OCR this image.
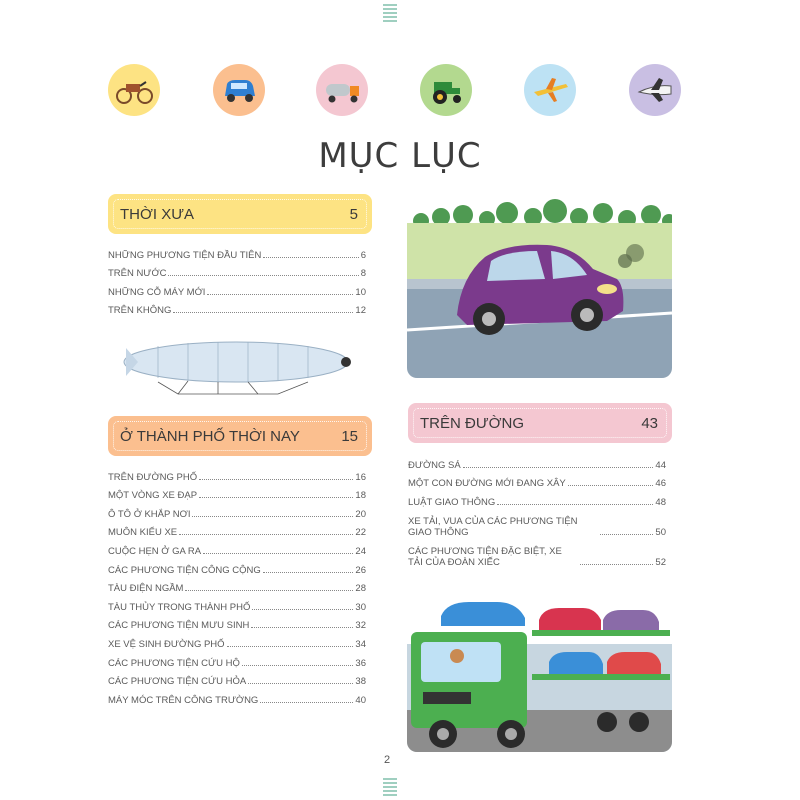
MỤC LỤC
THỜI XƯA	5
NHỮNG PHƯƠNG TIỆN ĐẦU TIÊN	6
TRÊN NƯỚC	8
NHỮNG CỖ MÁY MỚI	10
TRÊN KHÔNG	12
Ở THÀNH PHỐ THỜI NAY	15
TRÊN ĐƯỜNG PHỐ	16
MỘT VÒNG XE ĐẠP	18
Ô TÔ Ở KHẮP NƠI	20
MUÔN KIỂU XE	22
CUỘC HẸN Ở GA RA	24
CÁC PHƯƠNG TIỆN CÔNG CỘNG	26
TÀU ĐIỆN NGẦM	28
TÀU THỦY TRONG THÀNH PHỐ	30
CÁC PHƯƠNG TIỆN MƯU SINH	32
XE VỆ SINH ĐƯỜNG PHỐ	34
CÁC PHƯƠNG TIỆN CỨU HỘ	36
CÁC PHƯƠNG TIỆN CỨU HỎA	38
MÁY MÓC TRÊN CÔNG TRƯỜNG	40
TRÊN ĐƯỜNG	43
ĐƯỜNG SÁ	44
MỘT CON ĐƯỜNG MỚI ĐANG XÂY	46
LUẬT GIAO THÔNG	48
XE TẢI, VUA CỦA CÁC PHƯƠNG TIỆN GIAO THÔNG	50
CÁC PHƯƠNG TIỆN ĐẶC BIỆT, XE TẢI CỦA ĐOÀN XIẾC	52
2
